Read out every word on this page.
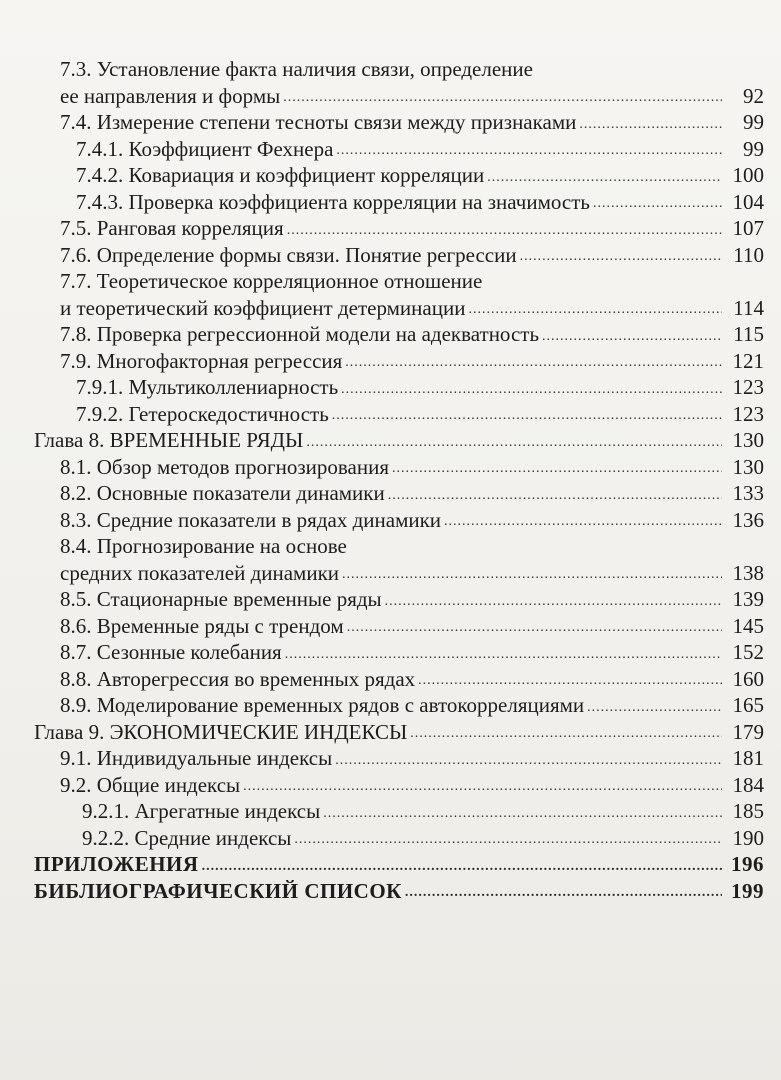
7.3. Установление факта наличия связи, определение
ее направления и формы .....	92
7.4. Измерение степени тесноты связи между признаками .....	99
7.4.1. Коэффициент Фехнера .....	99
7.4.2. Ковариация и коэффициент корреляции .....	100
7.4.3. Проверка коэффициента корреляции на значимость .....	104
7.5. Ранговая корреляция .....	107
7.6. Определение формы связи. Понятие регрессии .....	110
7.7. Теоретическое корреляционное отношение
и теоретический коэффициент детерминации .....	114
7.8. Проверка регрессионной модели на адекватность .....	115
7.9. Многофакторная регрессия .....	121
7.9.1. Мультиколлениарность .....	123
7.9.2. Гетероскедостичность .....	123
Глава 8. ВРЕМЕННЫЕ РЯДЫ .....	130
8.1. Обзор методов прогнозирования .....	130
8.2. Основные показатели динамики .....	133
8.3. Средние показатели в рядах динамики .....	136
8.4. Прогнозирование на основе
средних показателей динамики .....	138
8.5. Стационарные временные ряды .....	139
8.6. Временные ряды с трендом .....	145
8.7. Сезонные колебания .....	152
8.8. Авторегрессия во временных рядах .....	160
8.9. Моделирование временных рядов с автокорреляциями .....	165
Глава 9. ЭКОНОМИЧЕСКИЕ ИНДЕКСЫ .....	179
9.1. Индивидуальные индексы .....	181
9.2. Общие индексы .....	184
9.2.1. Агрегатные индексы .....	185
9.2.2. Средние индексы .....	190
ПРИЛОЖЕНИЯ .....	196
БИБЛИОГРАФИЧЕСКИЙ СПИСОК .....	199
